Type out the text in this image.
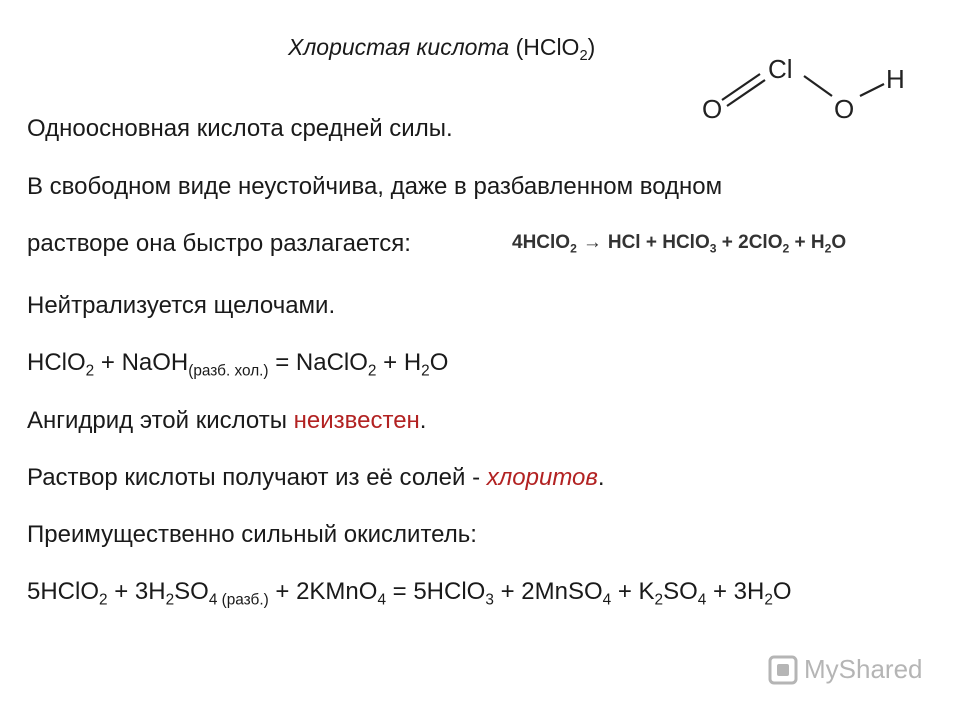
Хлористая кислота (HClO$_2$)
O
Cl
O
H
Одноосновная кислота средней силы.
В свободном виде неустойчива, даже в разбавленном водном
растворе она быстро разлагается:	4HClO$_2$ → HCl + HClO$_3$ + $2ClO_2 + H_2O$
Нейтрализуется щелочами.
HClO$_2$ + NaOH$_{(разб. хол.)}$ = NaClO$_2$ + $H_2O$
Ангидрид этой кислоты неизвестен.
Раствор кислоты получают из её солей - хлоритов.
Преимущественно сильный окислитель:
5HClO$_2$ + $3H_2SO_{4 (разб.)}$ + 2KMnO$_4$ = 5HClO$_3$ + 2MnSO$_4$ + $K_2SO_4 + 3H_2O$
MyShared
